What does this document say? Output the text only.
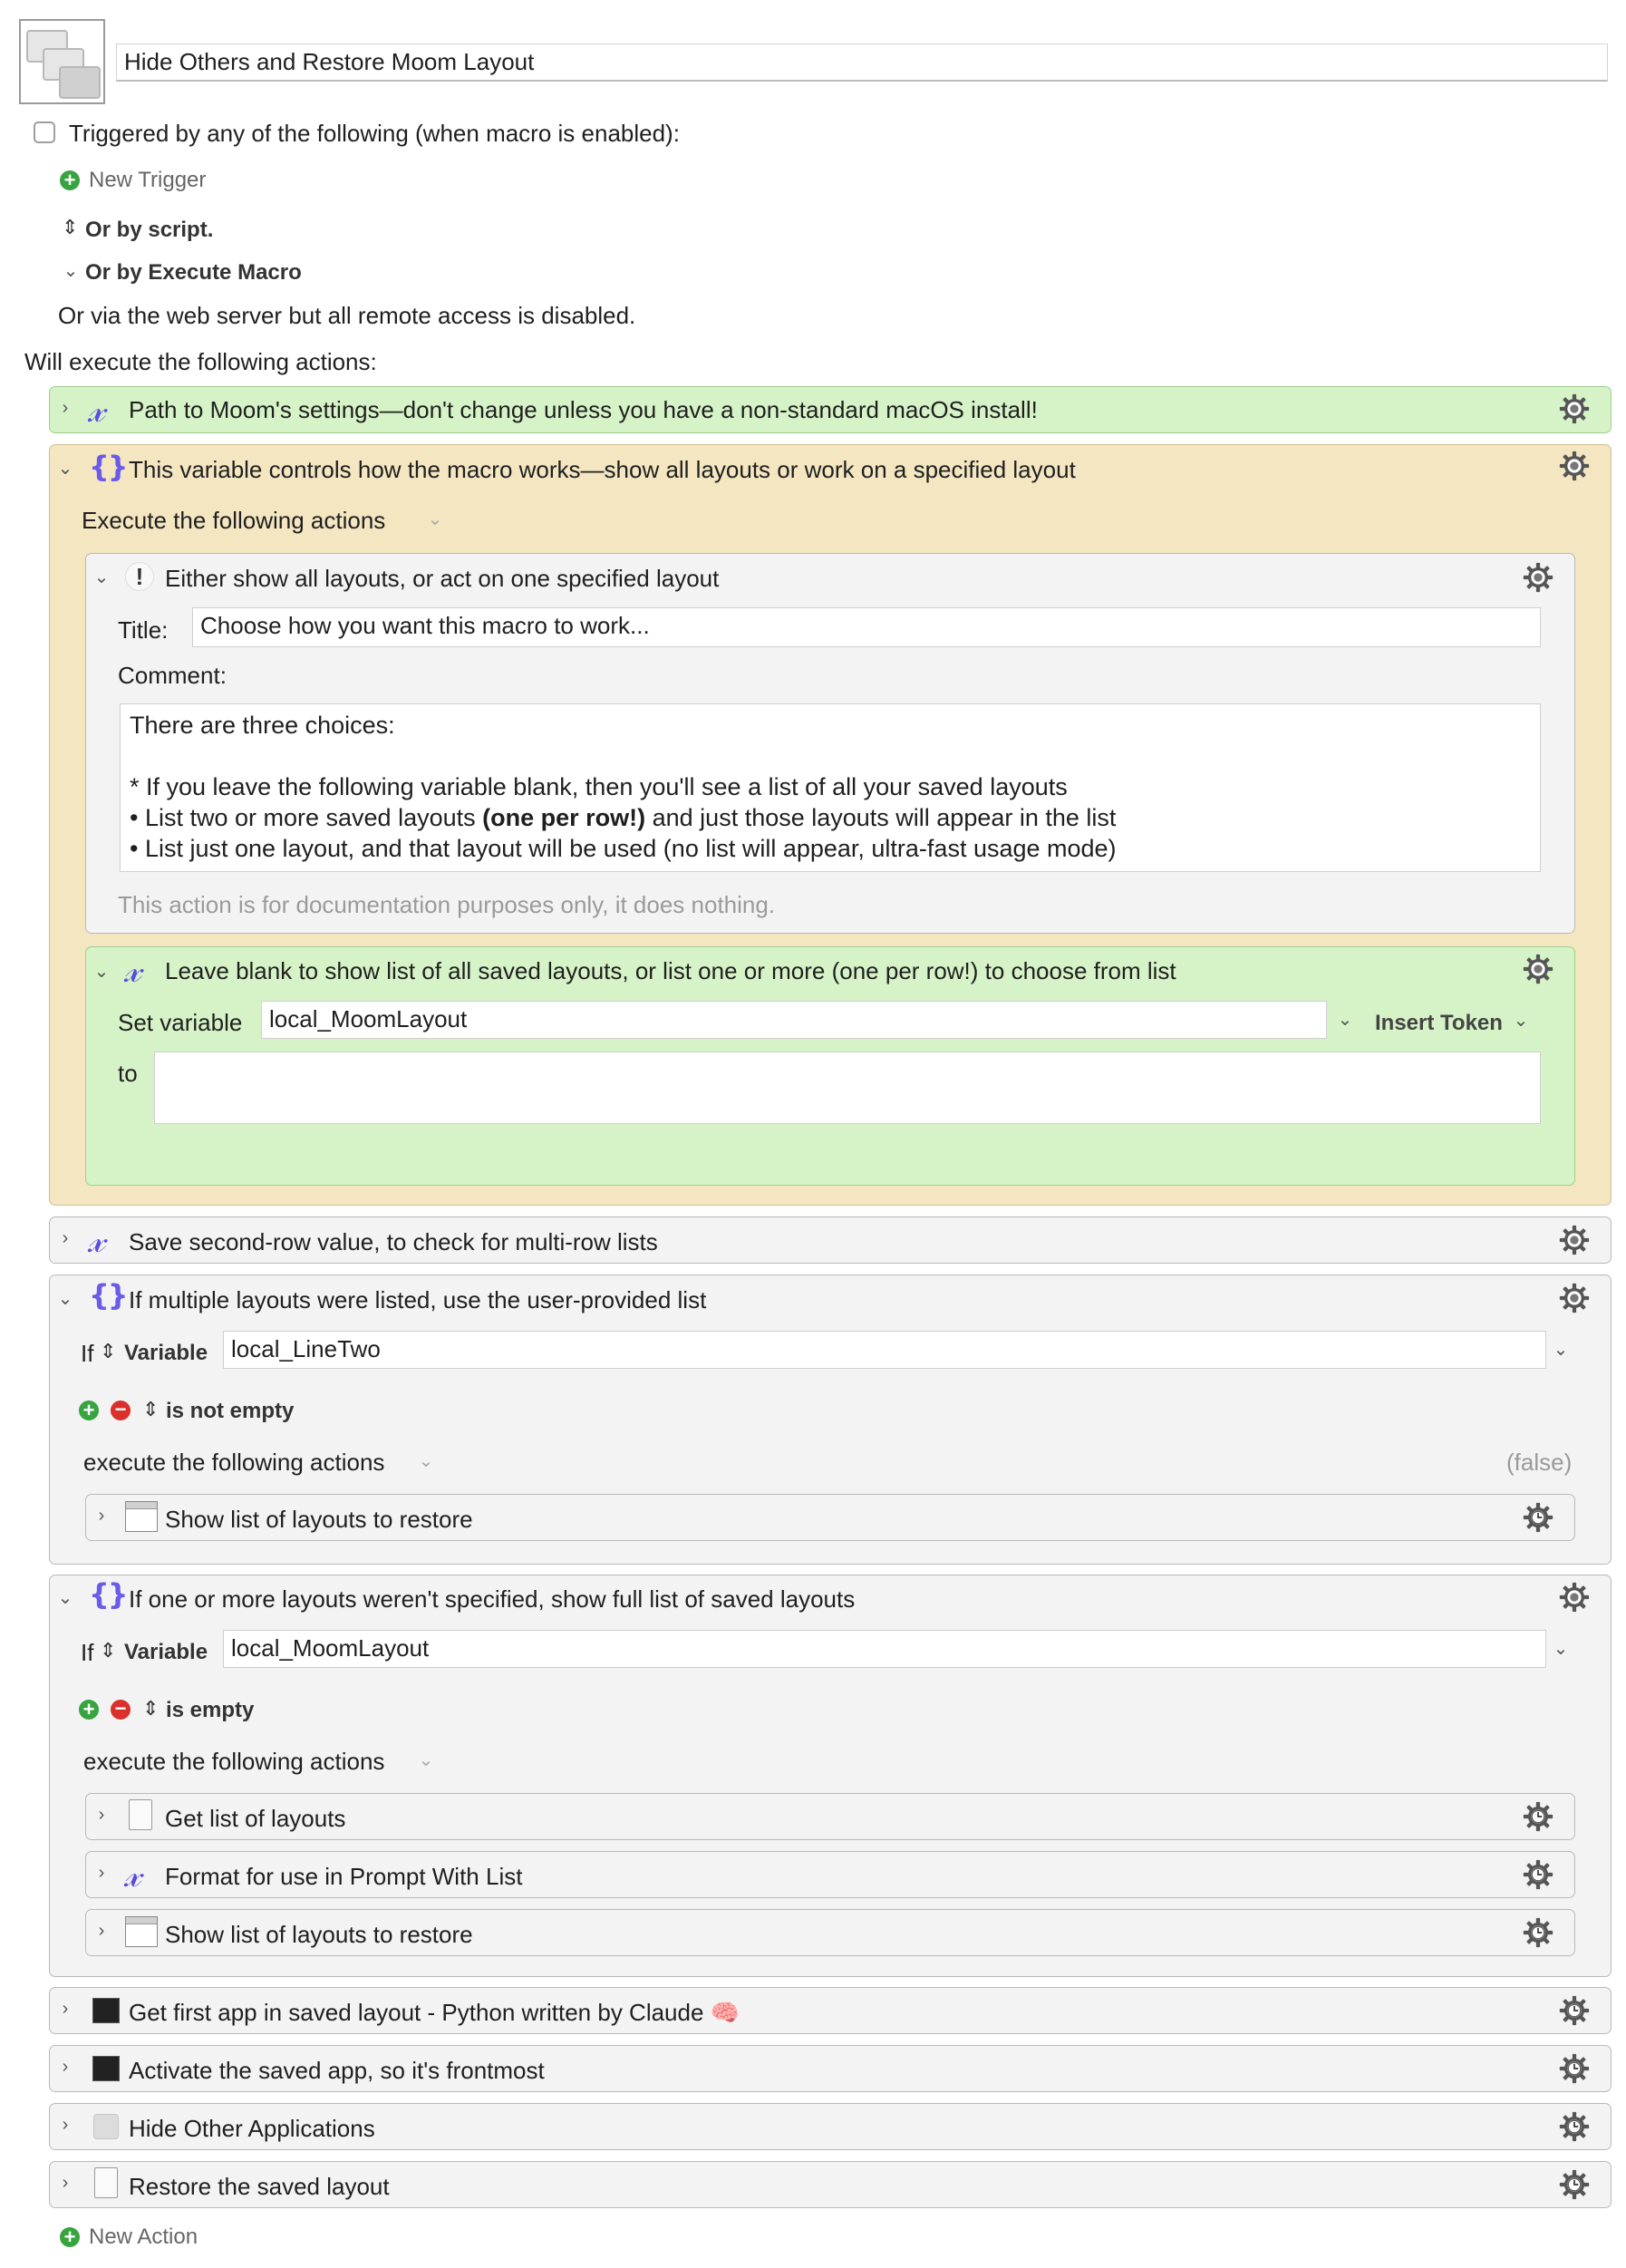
Hide Others and Restore Moom Layout
Triggered by any of the following (when macro is enabled):
+ New Trigger
⇕ Or by script.
⌄ Or by Execute Macro
Or via the web server but all remote access is disabled.
Will execute the following actions:
› 𝓍 Path to Moom's settings—don't change unless you have a non-standard macOS install!
⌄ {} This variable controls how the macro works—show all layouts or work on a specified layout
Execute the following actions ⌄
⌄	! Either show all layouts, or act on one specified layout
Title:	Choose how you want this macro to work...
Comment:

There are three choices:

* If you leave the following variable blank, then you'll see a list of all your saved layouts

• List two or more saved layouts (one per row!) and just those layouts will appear in the list

• List just one layout, and that layout will be used (no list will appear, ultra-fast usage mode)

This action is for documentation purposes only, it does nothing.
⌄ 𝓍 Leave blank to show list of all saved layouts, or list one or more (one per row!) to choose from list
Set variable	local_MoomLayout	⌄ Insert Token ⌄
to
› 𝓍 Save second-row value, to check for multi-row lists
⌄ {} If multiple layouts were listed, use the user-provided list
If ⇕ Variable local_LineTwo	⌄
+ − ⇕ is not empty
execute the following actions ⌄	(false)
›	Show list of layouts to restore
⌄ {} If one or more layouts weren't specified, show full list of saved layouts
If ⇕ Variable local_MoomLayout	⌄
+ − ⇕ is empty
execute the following actions ⌄
›	Get list of layouts
› 𝓍 Format for use in Prompt With List
›	Show list of layouts to restore
›	Get first app in saved layout - Python written by Claude 🧠
›	Activate the saved app, so it's frontmost
›	Hide Other Applications
›	Restore the saved layout
+ New Action
